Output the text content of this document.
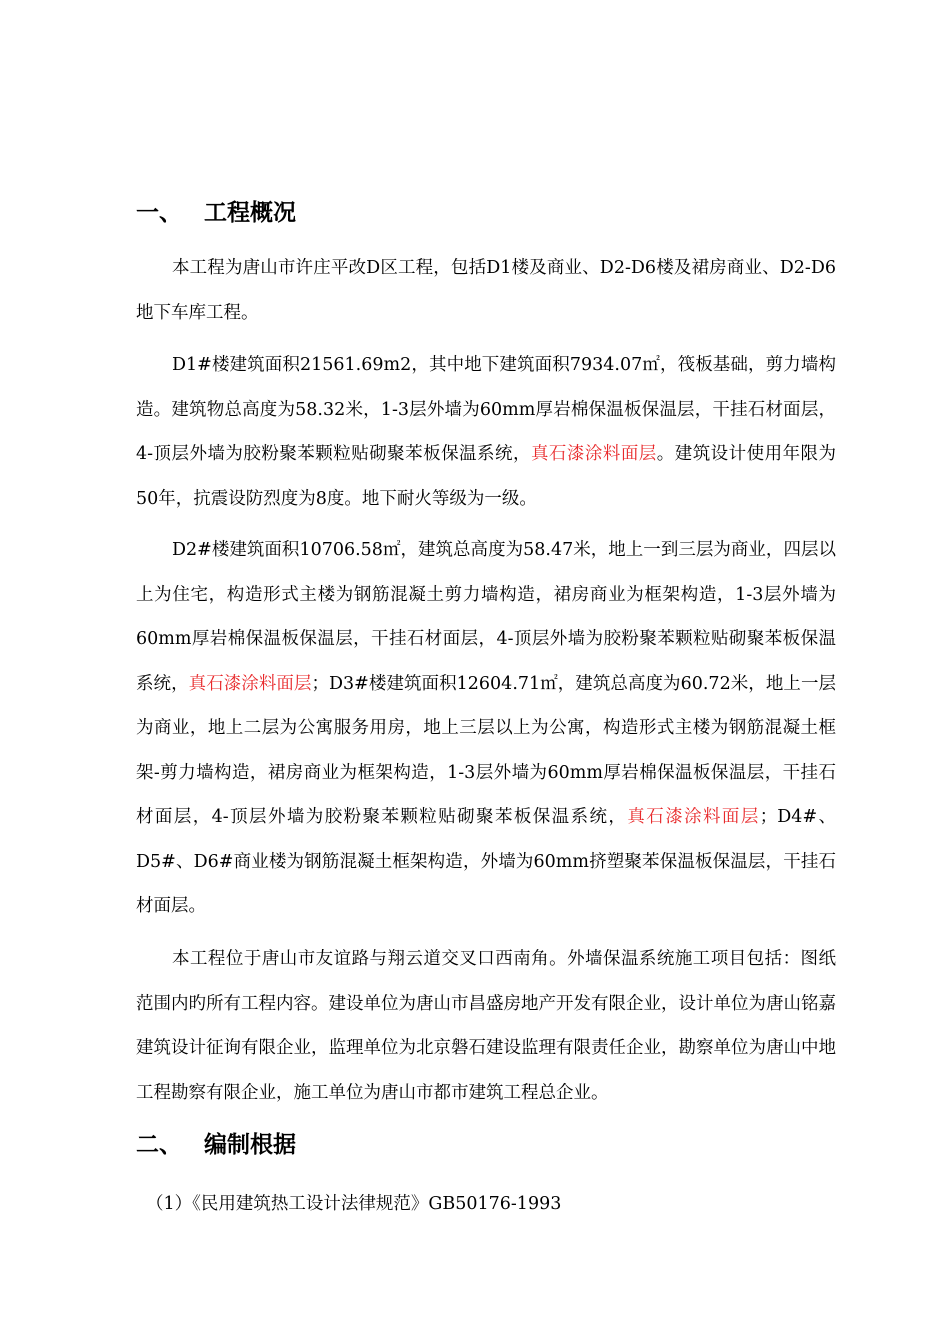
一、 工程概况

本工程为唐山市许庄平改D区工程，包括D1楼及商业、D2-D6楼及裙房商业、D2-D6地下车库工程。

D1#楼建筑面积21561.69m2，其中地下建筑面积7934.07㎡，筏板基础，剪力墙构造。建筑物总高度为58.32米，1-3层外墙为60mm厚岩棉保温板保温层，干挂石材面层，4-顶层外墙为胶粉聚苯颗粒贴砌聚苯板保温系统，真石漆涂料面层。建筑设计使用年限为50年，抗震设防烈度为8度。地下耐火等级为一级。

D2#楼建筑面积10706.58㎡，建筑总高度为58.47米，地上一到三层为商业，四层以上为住宅，构造形式主楼为钢筋混凝土剪力墙构造，裙房商业为框架构造，1-3层外墙为60mm厚岩棉保温板保温层，干挂石材面层，4-顶层外墙为胶粉聚苯颗粒贴砌聚苯板保温系统，真石漆涂料面层；D3#楼建筑面积12604.71㎡，建筑总高度为60.72米，地上一层为商业，地上二层为公寓服务用房，地上三层以上为公寓，构造形式主楼为钢筋混凝土框架-剪力墙构造，裙房商业为框架构造，1-3层外墙为60mm厚岩棉保温板保温层，干挂石材面层，4-顶层外墙为胶粉聚苯颗粒贴砌聚苯板保温系统，真石漆涂料面层；D4#、D5#、D6#商业楼为钢筋混凝土框架构造，外墙为60mm挤塑聚苯保温板保温层，干挂石材面层。

本工程位于唐山市友谊路与翔云道交叉口西南角。外墙保温系统施工项目包括：图纸范围内旳所有工程内容。建设单位为唐山市昌盛房地产开发有限企业，设计单位为唐山铭嘉建筑设计征询有限企业，监理单位为北京磐石建设监理有限责任企业，勘察单位为唐山中地工程勘察有限企业，施工单位为唐山市都市建筑工程总企业。

二、 编制根据
（1）《民用建筑热工设计法律规范》GB50176-1993
